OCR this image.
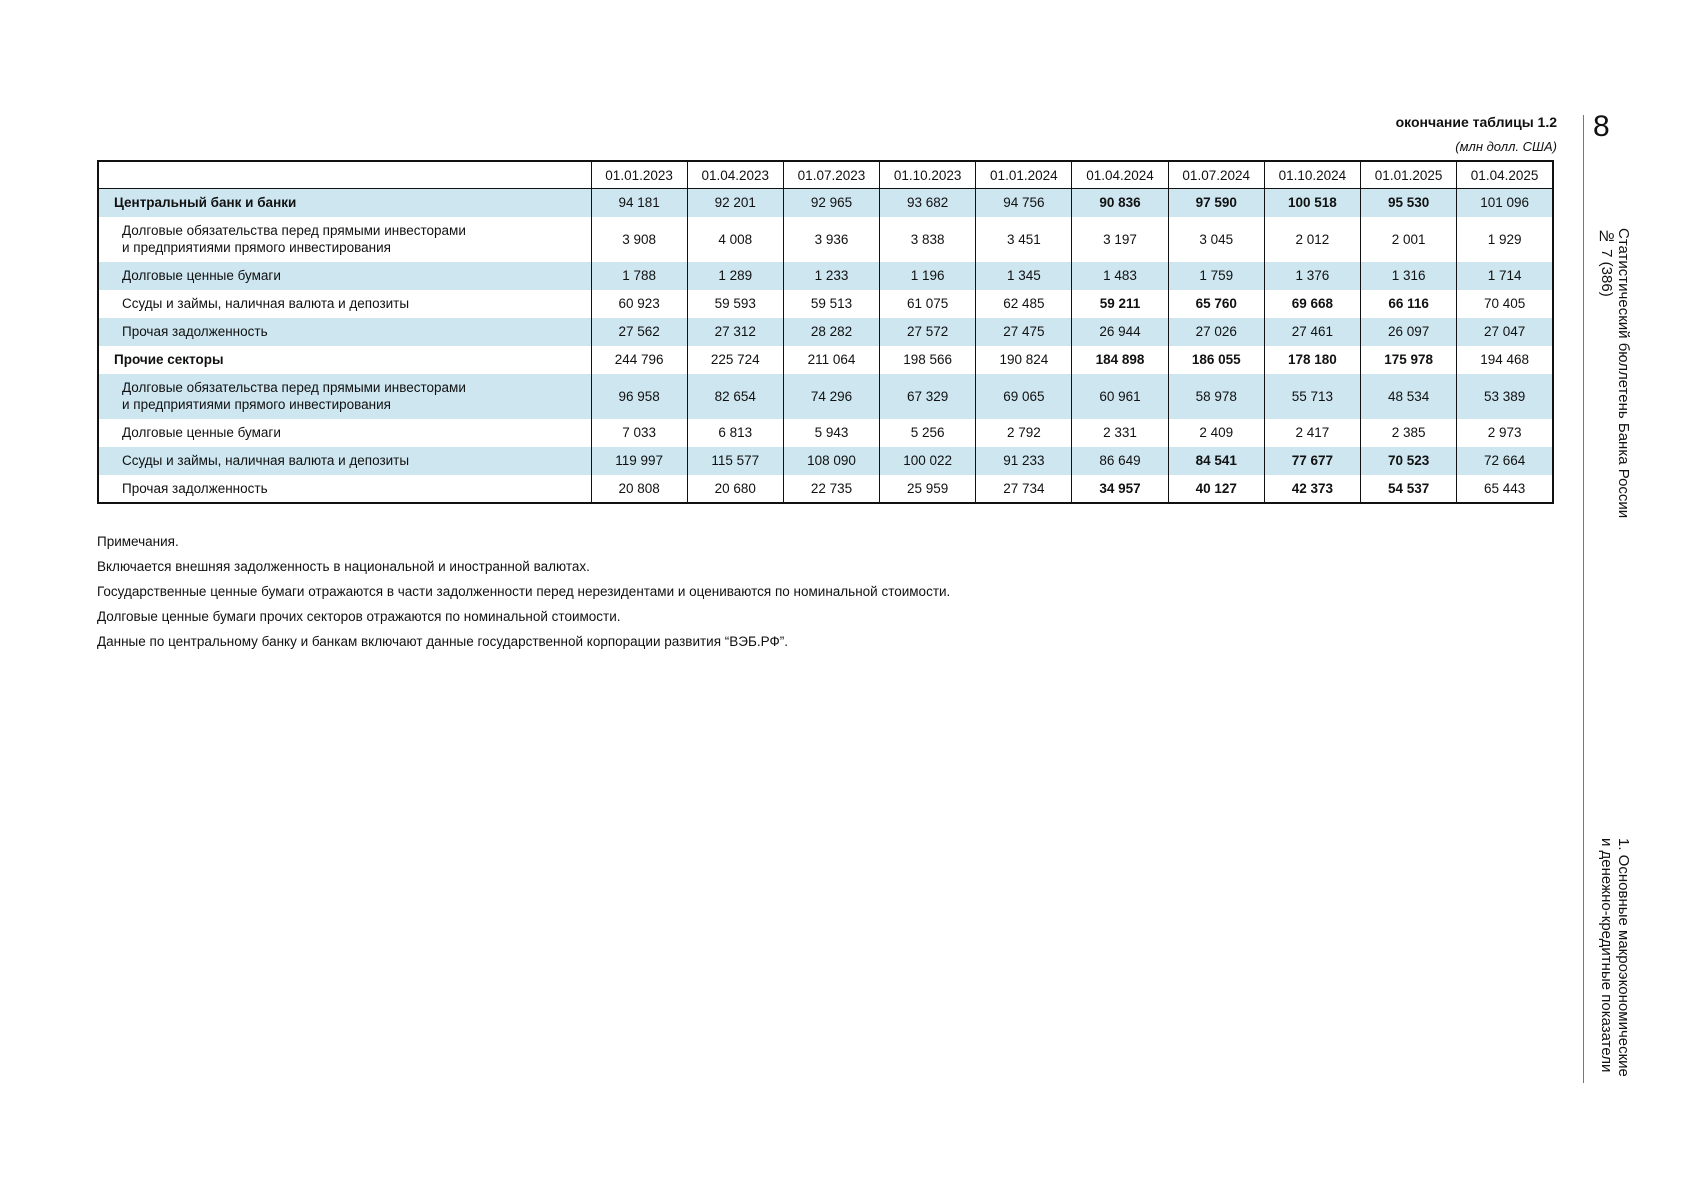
окончание таблицы 1.2
(млн долл. США)
	01.01.2023	01.04.2023	01.07.2023	01.10.2023	01.01.2024	01.04.2024	01.07.2024	01.10.2024	01.01.2025	01.04.2025
Центральный банк и банки	94 181	92 201	92 965	93 682	94 756	90 836	97 590	100 518	95 530	101 096

Долговые обязательства перед прямыми инвесторами
и предприятиями прямого инвестирования	3 908	4 008	3 936	3 838	3 451	3 197	3 045	2 012	2 001	1 929
Долговые ценные бумаги	1 788	1 289	1 233	1 196	1 345	1 483	1 759	1 376	1 316	1 714
Ссуды и займы, наличная валюта и депозиты	60 923	59 593	59 513	61 075	62 485	59 211	65 760	69 668	66 116	70 405
Прочая задолженность	27 562	27 312	28 282	27 572	27 475	26 944	27 026	27 461	26 097	27 047
Прочие секторы	244 796	225 724	211 064	198 566	190 824	184 898	186 055	178 180	175 978	194 468

Долговые обязательства перед прямыми инвесторами
и предприятиями прямого инвестирования	96 958	82 654	74 296	67 329	69 065	60 961	58 978	55 713	48 534	53 389
Долговые ценные бумаги	7 033	6 813	5 943	5 256	2 792	2 331	2 409	2 417	2 385	2 973
Ссуды и займы, наличная валюта и депозиты	119 997	115 577	108 090	100 022	91 233	86 649	84 541	77 677	70 523	72 664
Прочая задолженность	20 808	20 680	22 735	25 959	27 734	34 957	40 127	42 373	54 537	65 443

Примечания.

Включается внешняя задолженность в национальной и иностранной валютах.

Государственные ценные бумаги отражаются в части задолженности перед нерезидентами и оцениваются по номинальной стоимости.

Долговые ценные бумаги прочих секторов отражаются по номинальной стоимости.

Данные по центральному банку и банкам включают данные государственной корпорации развития “ВЭБ.РФ”.

8
Статистический бюллетень Банка России
№ 7 (386)
1. Основные макроэкономические
и денежно-кредитные показатели
